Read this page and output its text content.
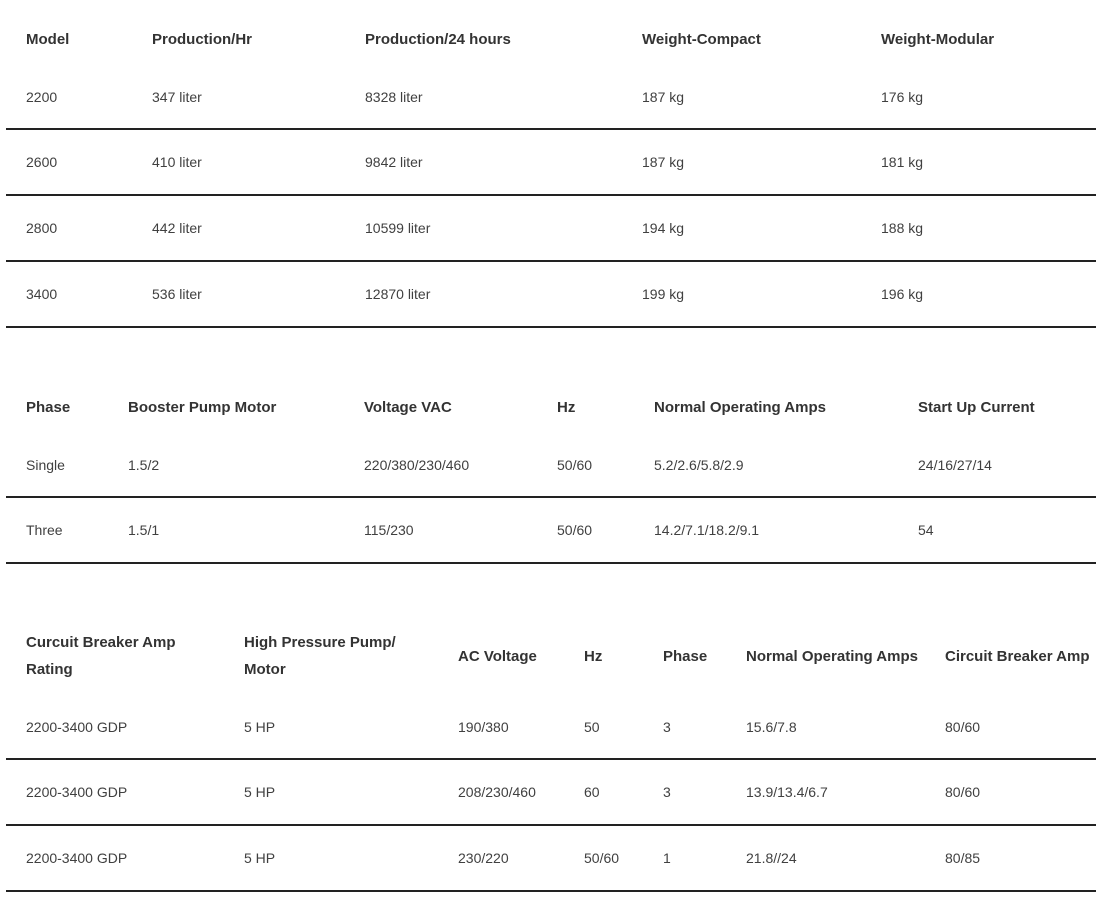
Model	Production/Hr	Production/24 hours	Weight-Compact	Weight-Modular
2200	347 liter	8328 liter	187 kg	176 kg
2600	410 liter	9842 liter	187 kg	181 kg
2800	442 liter	10599 liter	194 kg	188 kg
3400	536 liter	12870 liter	199 kg	196 kg
Phase	Booster Pump Motor	Voltage VAC	Hz	Normal Operating Amps	Start Up Current
Single	1.5/2	220/380/230/460	50/60	5.2/2.6/5.8/2.9	24/16/27/14
Three	1.5/1	115/230	50/60	14.2/7.1/18.2/9.1	54
Curcuit Breaker Amp Rating	High Pressure Pump/ Motor	AC Voltage	Hz	Phase	Normal Operating Amps	Circuit Breaker Amp
2200-3400 GDP	5 HP	190/380	50	3	15.6/7.8	80/60
2200-3400 GDP	5 HP	208/230/460	60	3	13.9/13.4/6.7	80/60
2200-3400 GDP	5 HP	230/220	50/60	1	21.8//24	80/85
